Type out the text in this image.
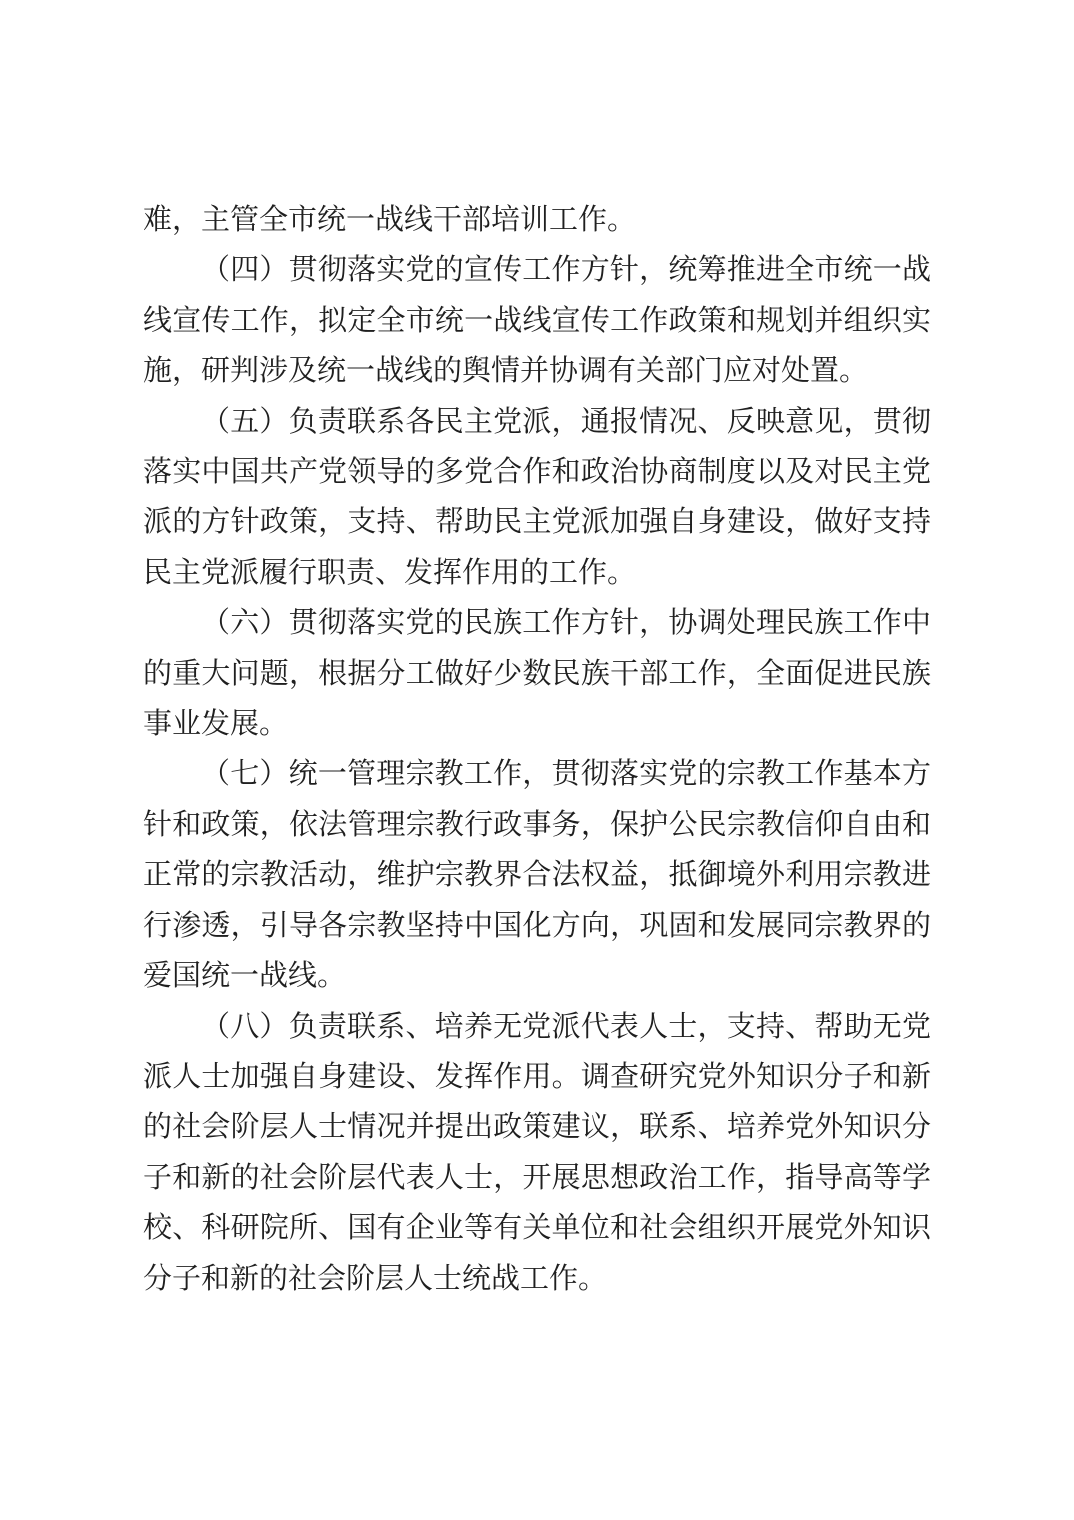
难，主管全市统一战线干部培训工作。

（四）贯彻落实党的宣传工作方针，统筹推进全市统一战线宣传工作，拟定全市统一战线宣传工作政策和规划并组织实施，研判涉及统一战线的舆情并协调有关部门应对处置。

（五）负责联系各民主党派，通报情况、反映意见，贯彻落实中国共产党领导的多党合作和政治协商制度以及对民主党派的方针政策，支持、帮助民主党派加强自身建设，做好支持民主党派履行职责、发挥作用的工作。

（六）贯彻落实党的民族工作方针，协调处理民族工作中的重大问题，根据分工做好少数民族干部工作，全面促进民族事业发展。

（七）统一管理宗教工作，贯彻落实党的宗教工作基本方针和政策，依法管理宗教行政事务，保护公民宗教信仰自由和正常的宗教活动，维护宗教界合法权益，抵御境外利用宗教进行渗透，引导各宗教坚持中国化方向，巩固和发展同宗教界的爱国统一战线。

（八）负责联系、培养无党派代表人士，支持、帮助无党派人士加强自身建设、发挥作用。调查研究党外知识分子和新的社会阶层人士情况并提出政策建议，联系、培养党外知识分子和新的社会阶层代表人士，开展思想政治工作，指导高等学校、科研院所、国有企业等有关单位和社会组织开展党外知识分子和新的社会阶层人士统战工作。
